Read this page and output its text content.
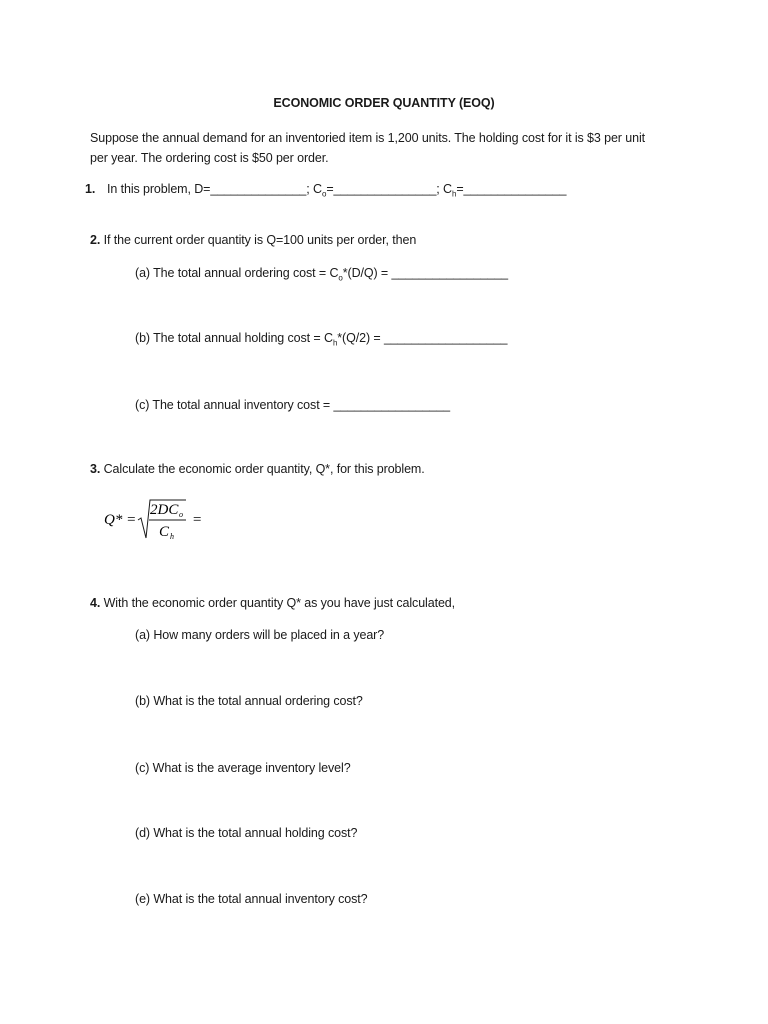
ECONOMIC ORDER QUANTITY (EOQ)
Suppose the annual demand for an inventoried item is 1,200 units. The holding cost for it is $3 per unit
per year. The ordering cost is $50 per order.
1. In this problem, D=______________; $C_o=\_\_\_\_\_\_\_\_\_\_\_\_\_\_\_$; $C_h=\_\_\_\_\_\_\_\_\_\_\_\_\_\_\_$
2. If the current order quantity is Q=100 units per order, then
(a) The total annual ordering $\cos t = C_o*(D/Q)$ = _________________
(b) The total annual holding $\cos t = C_h*(Q/2)$ = __________________
(c) The total annual inventory cost = _________________
3. Calculate the economic order quantity, Q*, for this problem.
Q* =
2DC o
C h
=
4. With the economic order quantity Q* as you have just calculated,
(a) How many orders will be placed in a year?
(b) What is the total annual ordering cost?
(c) What is the average inventory level?
(d) What is the total annual holding cost?
(e) What is the total annual inventory cost?
